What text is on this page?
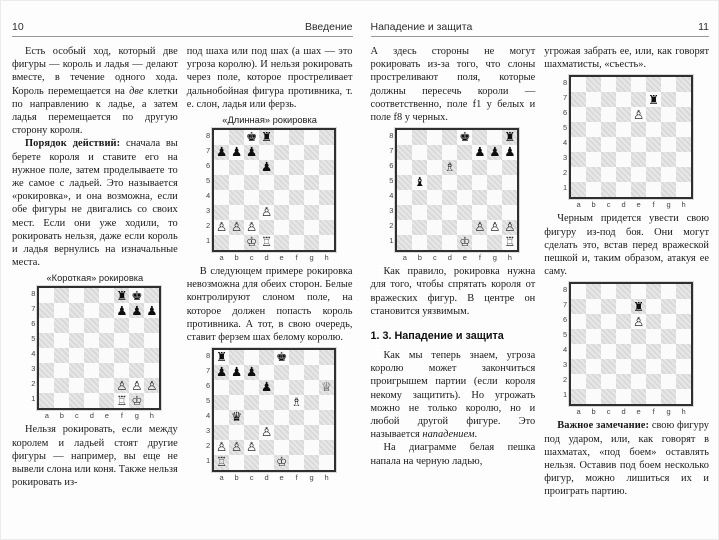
10	Введение

Есть особый ход, который две фигуры — король и ладья — делают вместе, в течение одного хода. Король перемещается на две клетки по направлению к ладье, а затем ладья перемещается по другую сторону короля.

Порядок действий: сначала вы берете короля и ставите его на нужное поле, затем проделываете то же самое с ладьей. Это называется «рокировка», и она возможна, если обе фигуры не двигались со своих мест. Если они уже ходили, то рокировать нельзя, даже если король и ладья вернулись на изначальные места.

«Короткая» рокировка
8
7
6
5
4
3
2
1
♜ ♚
♟ ♟ ♟
♙ ♙ ♙
♖ ♔
a	b	c	d	e	f	g	h

Нельзя рокировать, если между королем и ладьей стоят другие фигуры — например, вы еще не вывели слона или коня. Также нельзя рокировать из-

под шаха или под шах (а шах — это угроза королю). И нельзя рокировать через поле, которое простреливает дальнобойная фигура противника, т. е. слон, ладья или ферзь.

«Длинная» рокировка
8
7
6
5
4
3
2
1
♚ ♜
♟ ♟ ♟
♟
♙
♙ ♙ ♙
♔ ♖
a	b	c	d	e	f	g	h

В следующем примере рокировка невозможна для обеих сторон. Белые контролируют слоном поле, на которое должен попасть король противника. А тот, в свою очередь, ставит ферзем шах белому королю.

8
7
6
5
4
3
2
1
♜	♚
♟ ♟ ♟
♟	♕
♗
♛
♙
♙ ♙ ♙
♖	♔
a	b	c	d	e	f	g	h
Нападение и защита	11

А здесь стороны не могут рокировать из-за того, что слоны простреливают поля, которые должны пересечь короли — соответственно, поле f1 у белых и поле f8 у черных.

8
7
6
5
4
3
2
1
♚	♜
♟ ♟ ♟
♗
♝
♙ ♙ ♙
♔	♖
a	b	c	d	e	f	g	h

Как правило, рокировка нужна для того, чтобы спрятать короля от вражеских фигур. В центре он становится уязвимым.

1. 3. Нападение и защита

Как мы теперь знаем, угроза королю может закончиться проигрышем партии (если короля некому защитить). Но угрожать можно не только королю, но и любой другой фигуре. Это называется нападением.

На диаграмме белая пешка напала на черную ладью,

угрожая забрать ее, или, как говорят шахматисты, «съесть».

8
7
6
5
4
3
2
1
♜
♙
a	b	c	d	e	f	g	h

Черным придется увести свою фигуру из-под боя. Они могут сделать это, встав перед вражеской пешкой и, таким образом, атакуя ее саму.

8
7
6
5
4
3
2
1
♜
♙
a	b	c	d	e	f	g	h

Важное замечание: свою фигуру под ударом, или, как говорят в шахматах, «под боем» оставлять нельзя. Оставив под боем несколько фигур, можно лишиться их и проиграть партию.
